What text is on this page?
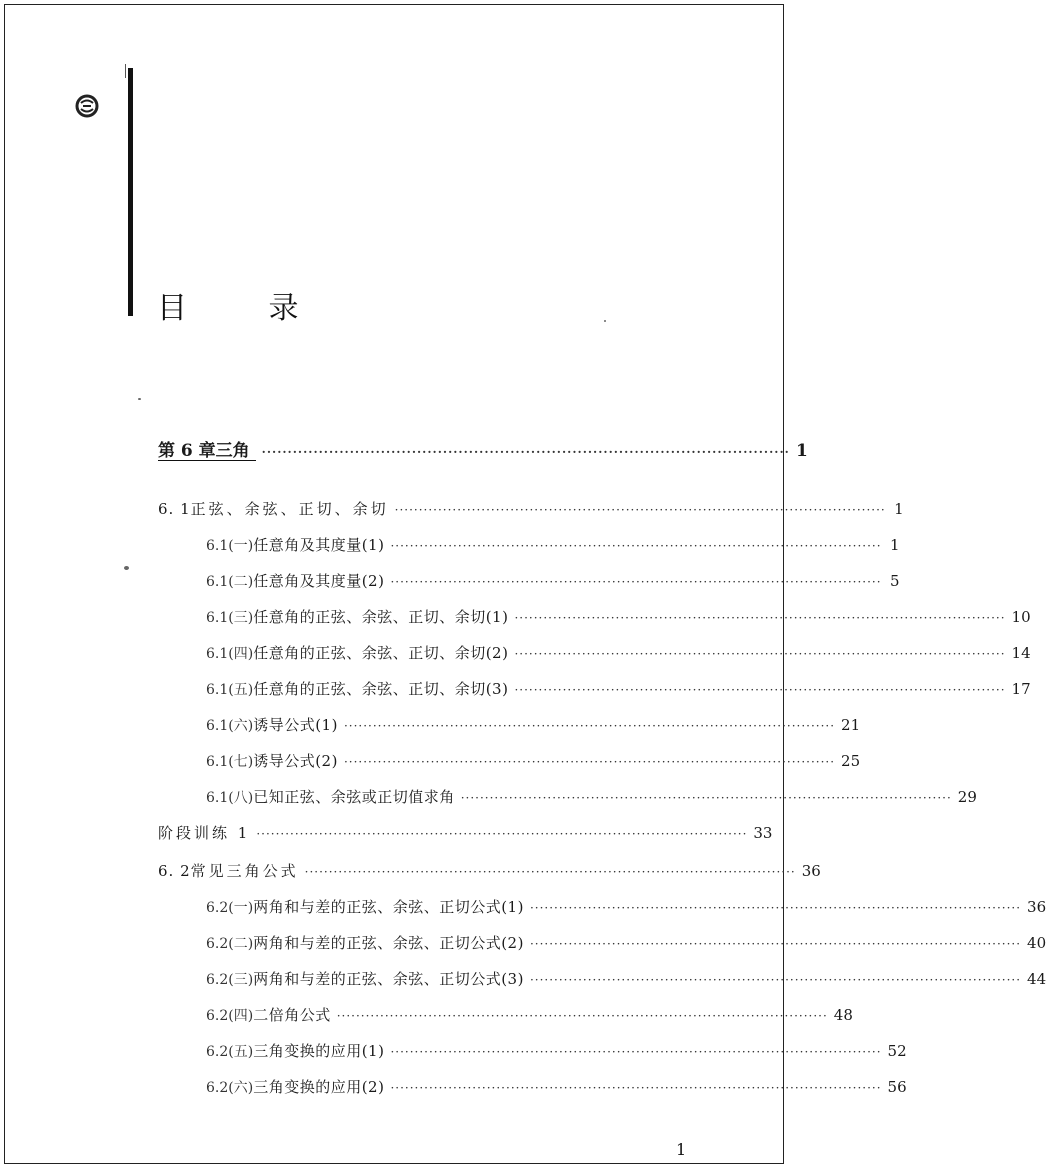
目 录
第 6 章 三角	······································································································ 1
6. 1 正弦、余弦、正切、余切 ······································································································ 1
6.1(一) 任意角及其度量(1) ······································································································ 1
6.1(二) 任意角及其度量(2) ······································································································ 5
6.1(三) 任意角的正弦、余弦、正切、余切(1) ······································································································ 10
6.1(四) 任意角的正弦、余弦、正切、余切(2) ······································································································ 14
6.1(五) 任意角的正弦、余弦、正切、余切(3) ······································································································ 17
6.1(六) 诱导公式(1) ······································································································ 21
6.1(七) 诱导公式(2) ······································································································ 25
6.1(八) 已知正弦、余弦或正切值求角 ······································································································ 29
阶段训练 1 ······································································································ 33
6. 2 常见三角公式 ······································································································ 36
6.2(一) 两角和与差的正弦、余弦、正切公式(1) ······································································································ 36
6.2(二) 两角和与差的正弦、余弦、正切公式(2) ······································································································ 40
6.2(三) 两角和与差的正弦、余弦、正切公式(3) ······································································································ 44
6.2(四) 二倍角公式 ······································································································ 48
6.2(五) 三角变换的应用(1) ······································································································ 52
6.2(六) 三角变换的应用(2) ······································································································ 56

1
